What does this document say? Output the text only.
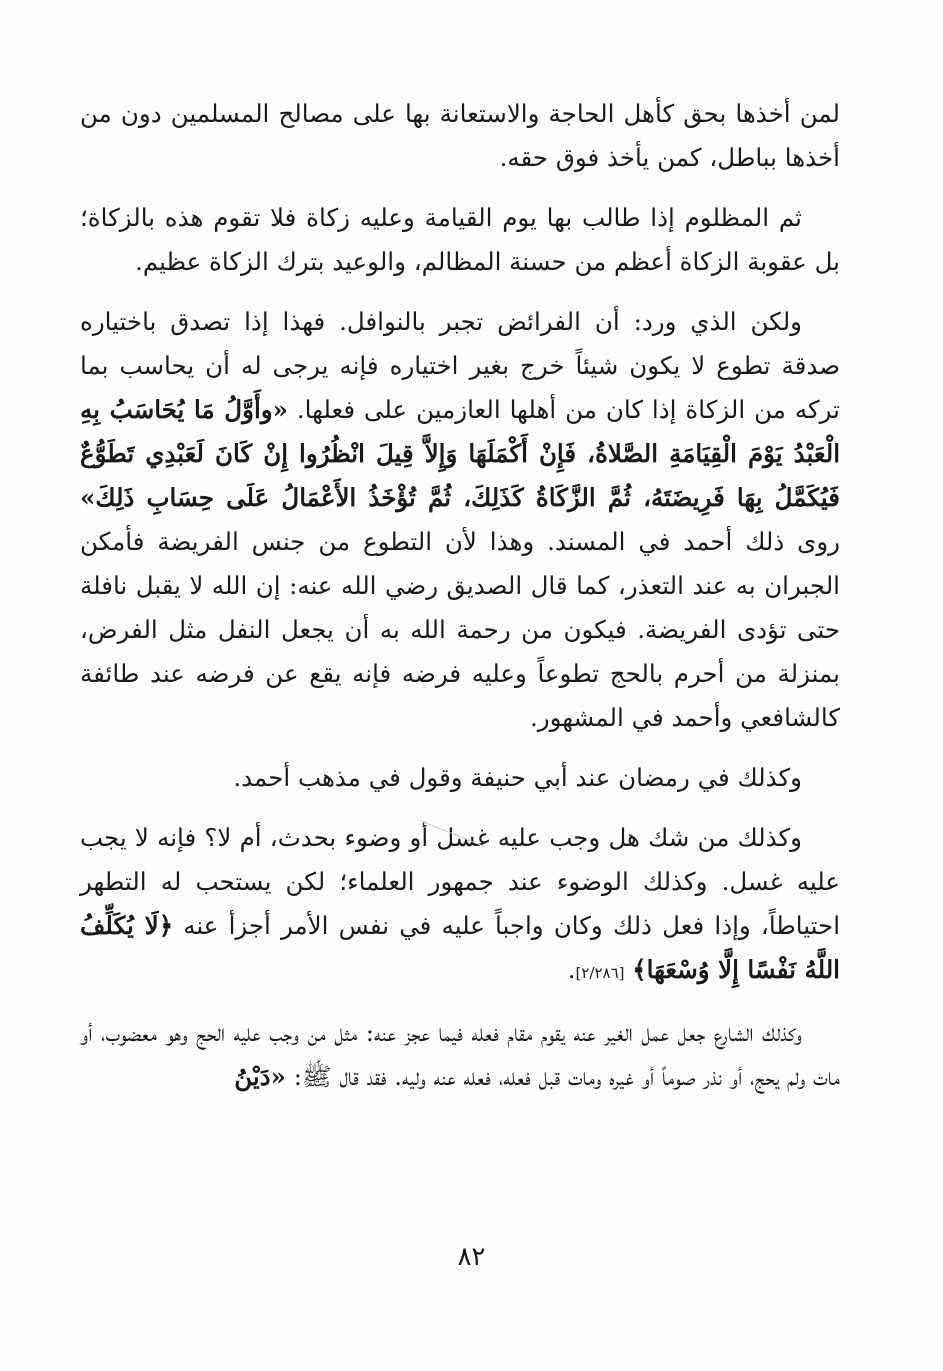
لمن أخذها بحق كأهل الحاجة والاستعانة بها على مصالح المسلمين دون من أخذها بباطل، كمن يأخذ فوق حقه.

ثم المظلوم إذا طالب بها يوم القيامة وعليه زكاة فلا تقوم هذه بالزكاة؛ بل عقوبة الزكاة أعظم من حسنة المظالم، والوعيد بترك الزكاة عظيم.

ولكن الذي ورد: أن الفرائض تجبر بالنوافل. فهذا إذا تصدق باختياره صدقة تطوع لا يكون شيئاً خرج بغير اختياره فإنه يرجى له أن يحاسب بما تركه من الزكاة إذا كان من أهلها العازمين على فعلها. «وأَوَّلُ مَا يُحَاسَبُ بِهِ الْعَبْدُ يَوْمَ الْقِيَامَةِ الصَّلاةُ، فَإِنْ أَكْمَلَهَا وَإِلاَّ قِيلَ انْظُرُوا إِنْ كَانَ لَعَبْدِي تَطَوُّعٌ فَيُكَمَّلُ بِهَا فَرِيضَتَهُ، ثُمَّ الزَّكَاةُ كَذَلِكَ، ثُمَّ تُؤْخَذُ الأَعْمَالُ عَلَى حِسَابِ ذَلِكَ» روى ذلك أحمد في المسند. وهذا لأن التطوع من جنس الفريضة فأمكن الجبران به عند التعذر، كما قال الصديق رضي الله عنه: إن الله لا يقبل نافلة حتى تؤدى الفريضة. فيكون من رحمة الله به أن يجعل النفل مثل الفرض، بمنزلة من أحرم بالحج تطوعاً وعليه فرضه فإنه يقع عن فرضه عند طائفة كالشافعي وأحمد في المشهور.

وكذلك في رمضان عند أبي حنيفة وقول في مذهب أحمد.

وكذلك من شك هل وجب عليه غسل أو وضوء بحدث، أم لا؟ فإنه لا يجب عليه غسل. وكذلك الوضوء عند جمهور العلماء؛ لكن يستحب له التطهر احتياطاً، وإذا فعل ذلك وكان واجباً عليه في نفس الأمر أجزأ عنه ﴿لَا يُكَلِّفُ اللَّهُ نَفْسًا إِلَّا وُسْعَهَا﴾ [٢/٢٨٦].

وكذلك الشارع جعل عمل الغير عنه يقوم مقام فعله فيما عجز عنه: مثل من وجب عليه الحج وهو معضوب، أو مات ولم يحج، أو نذر صوماً أو غيره ومات قبل فعله، فعله عنه وليه. فقد قال ﷺ: «دَيْنُ

٨٢
